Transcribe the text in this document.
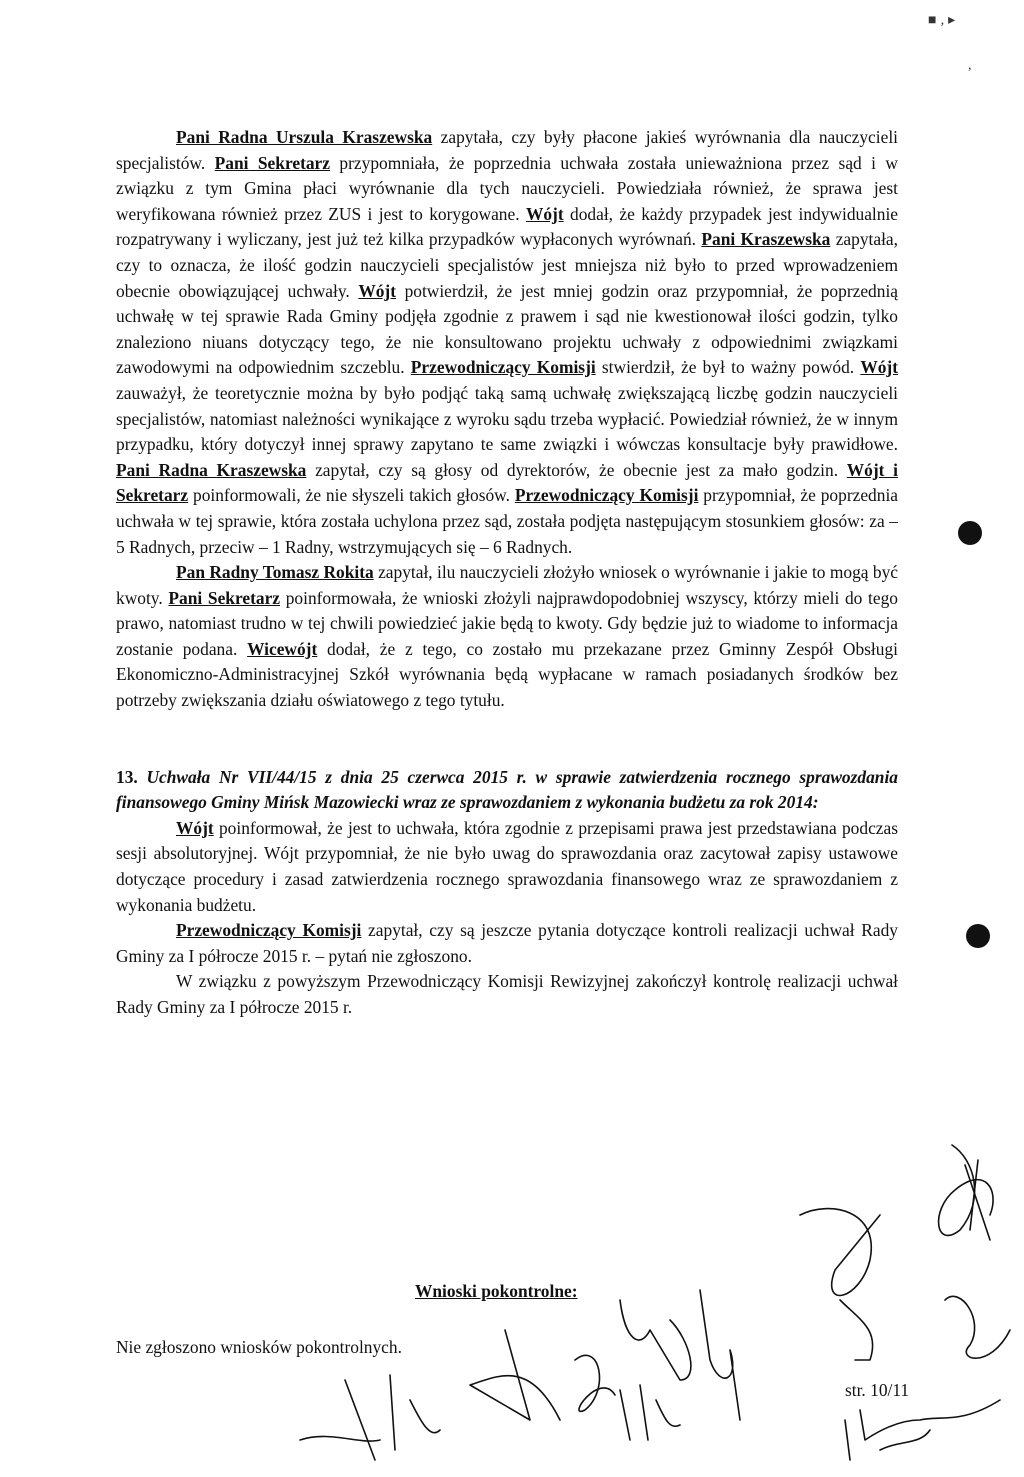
■ ‚ ▸
,

Pani Radna Urszula Kraszewska zapytała, czy były płacone jakieś wyrównania dla nauczycieli specjalistów. Pani Sekretarz przypomniała, że poprzednia uchwała została unieważniona przez sąd i w związku z tym Gmina płaci wyrównanie dla tych nauczycieli. Powiedziała również, że sprawa jest weryfikowana również przez ZUS i jest to korygowane. Wójt dodał, że każdy przypadek jest indywidualnie rozpatrywany i wyliczany, jest już też kilka przypadków wypłaconych wyrównań. Pani Kraszewska zapytała, czy to oznacza, że ilość godzin nauczycieli specjalistów jest mniejsza niż było to przed wprowadzeniem obecnie obowiązującej uchwały. Wójt potwierdził, że jest mniej godzin oraz przypomniał, że poprzednią uchwałę w tej sprawie Rada Gminy podjęła zgodnie z prawem i sąd nie kwestionował ilości godzin, tylko znaleziono niuans dotyczący tego, że nie konsultowano projektu uchwały z odpowiednimi związkami zawodowymi na odpowiednim szczeblu. Przewodniczący Komisji stwierdził, że był to ważny powód. Wójt zauważył, że teoretycznie można by było podjąć taką samą uchwałę zwiększającą liczbę godzin nauczycieli specjalistów, natomiast należności wynikające z wyroku sądu trzeba wypłacić. Powiedział również, że w innym przypadku, który dotyczył innej sprawy zapytano te same związki i wówczas konsultacje były prawidłowe. Pani Radna Kraszewska zapytał, czy są głosy od dyrektorów, że obecnie jest za mało godzin. Wójt i Sekretarz poinformowali, że nie słyszeli takich głosów. Przewodniczący Komisji przypomniał, że poprzednia uchwała w tej sprawie, która została uchylona przez sąd, została podjęta następującym stosunkiem głosów: za – 5 Radnych, przeciw – 1 Radny, wstrzymujących się – 6 Radnych.

Pan Radny Tomasz Rokita zapytał, ilu nauczycieli złożyło wniosek o wyrównanie i jakie to mogą być kwoty. Pani Sekretarz poinformowała, że wnioski złożyli najprawdopodobniej wszyscy, którzy mieli do tego prawo, natomiast trudno w tej chwili powiedzieć jakie będą to kwoty. Gdy będzie już to wiadome to informacja zostanie podana. Wicewójt dodał, że z tego, co zostało mu przekazane przez Gminny Zespół Obsługi Ekonomiczno-Administracyjnej Szkół wyrównania będą wypłacane w ramach posiadanych środków bez potrzeby zwiększania działu oświatowego z tego tytułu.

13. Uchwała Nr VII/44/15 z dnia 25 czerwca 2015 r. w sprawie zatwierdzenia rocznego sprawozdania finansowego Gminy Mińsk Mazowiecki wraz ze sprawozdaniem z wykonania budżetu za rok 2014:

Wójt poinformował, że jest to uchwała, która zgodnie z przepisami prawa jest przedstawiana podczas sesji absolutoryjnej. Wójt przypomniał, że nie było uwag do sprawozdania oraz zacytował zapisy ustawowe dotyczące procedury i zasad zatwierdzenia rocznego sprawozdania finansowego wraz ze sprawozdaniem z wykonania budżetu.

Przewodniczący Komisji zapytał, czy są jeszcze pytania dotyczące kontroli realizacji uchwał Rady Gminy za I półrocze 2015 r. – pytań nie zgłoszono.

W związku z powyższym Przewodniczący Komisji Rewizyjnej zakończył kontrolę realizacji uchwał Rady Gminy za I półrocze 2015 r.

Wnioski pokontrolne:
Nie zgłoszono wniosków pokontrolnych.
str. 10/11
